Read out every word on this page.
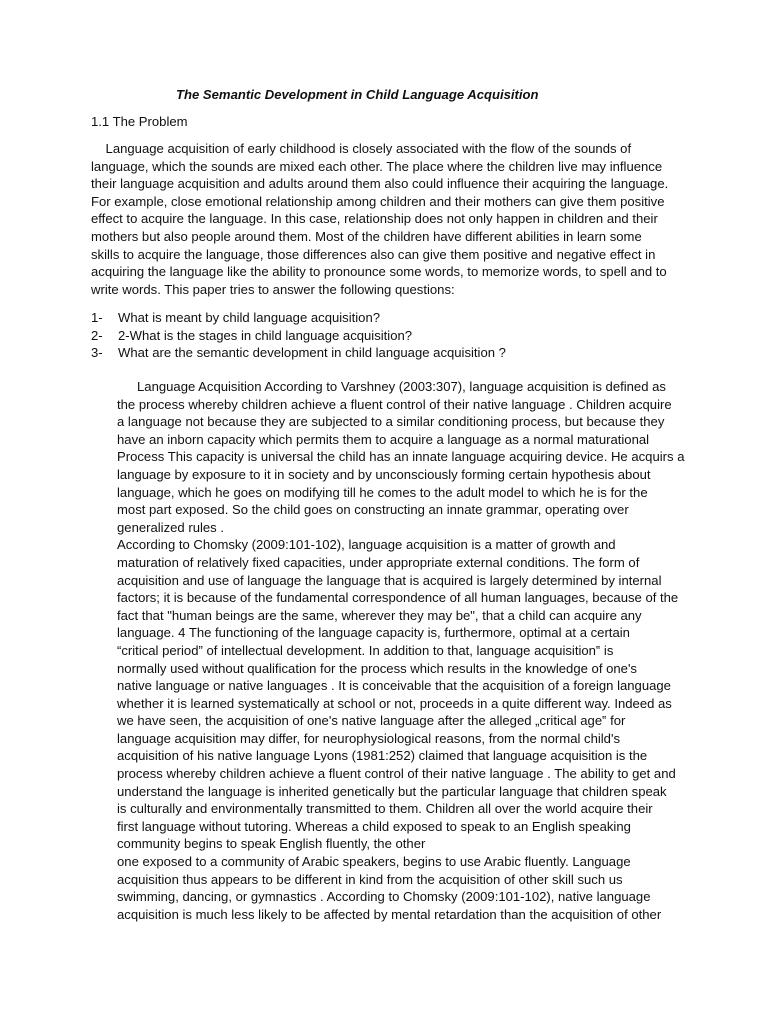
The Semantic Development in Child Language Acquisition
1.1 The Problem
Language acquisition of early childhood is closely associated with the flow of the sounds of
language, which the sounds are mixed each other. The place where the children live may influence
their language acquisition and adults around them also could influence their acquiring the language.
For example, close emotional relationship among children and their mothers can give them positive
effect to acquire the language. In this case, relationship does not only happen in children and their
mothers but also people around them. Most of the children have different abilities in learn some
skills to acquire the language, those differences also can give them positive and negative effect in
acquiring the language like the ability to pronounce some words, to memorize words, to spell and to
write words. This paper tries to answer the following questions:
1-	What is meant by child language acquisition?
2-	2-What is the stages in child language acquisition?
3-	What are the semantic development in child language acquisition ?
Language Acquisition According to Varshney (2003:307), language acquisition is defined as
the process whereby children achieve a fluent control of their native language . Children acquire
a language not because they are subjected to a similar conditioning process, but because they
have an inborn capacity which permits them to acquire a language as a normal maturational
Process This capacity is universal the child has an innate language acquiring device. He acquirs a
language by exposure to it in society and by unconsciously forming certain hypothesis about
language, which he goes on modifying till he comes to the adult model to which he is for the
most part exposed. So the child goes on constructing an innate grammar, operating over
generalized rules .
According to Chomsky (2009:101-102), language acquisition is a matter of growth and
maturation of relatively fixed capacities, under appropriate external conditions. The form of
acquisition and use of language the language that is acquired is largely determined by internal
factors; it is because of the fundamental correspondence of all human languages, because of the
fact that "human beings are the same, wherever they may be", that a child can acquire any
language. 4 The functioning of the language capacity is, furthermore, optimal at a certain
“critical period” of intellectual development. In addition to that, language acquisition‟ is
normally used without qualification for the process which results in the knowledge of one's
native language or native languages . It is conceivable that the acquisition of a foreign language
whether it is learned systematically at school or not, proceeds in a quite different way. Indeed as
we have seen, the acquisition of one's native language after the alleged „critical age‟ for
language acquisition may differ, for neurophysiological reasons, from the normal child's
acquisition of his native language Lyons (1981:252) claimed that language acquisition is the
process whereby children achieve a fluent control of their native language . The ability to get and
understand the language is inherited genetically but the particular language that children speak
is culturally and environmentally transmitted to them. Children all over the world acquire their
first language without tutoring. Whereas a child exposed to speak to an English speaking
community begins to speak English fluently, the other
one exposed to a community of Arabic speakers, begins to use Arabic fluently. Language
acquisition thus appears to be different in kind from the acquisition of other skill such us
swimming, dancing, or gymnastics . According to Chomsky (2009:101-102), native language
acquisition is much less likely to be affected by mental retardation than the acquisition of other
